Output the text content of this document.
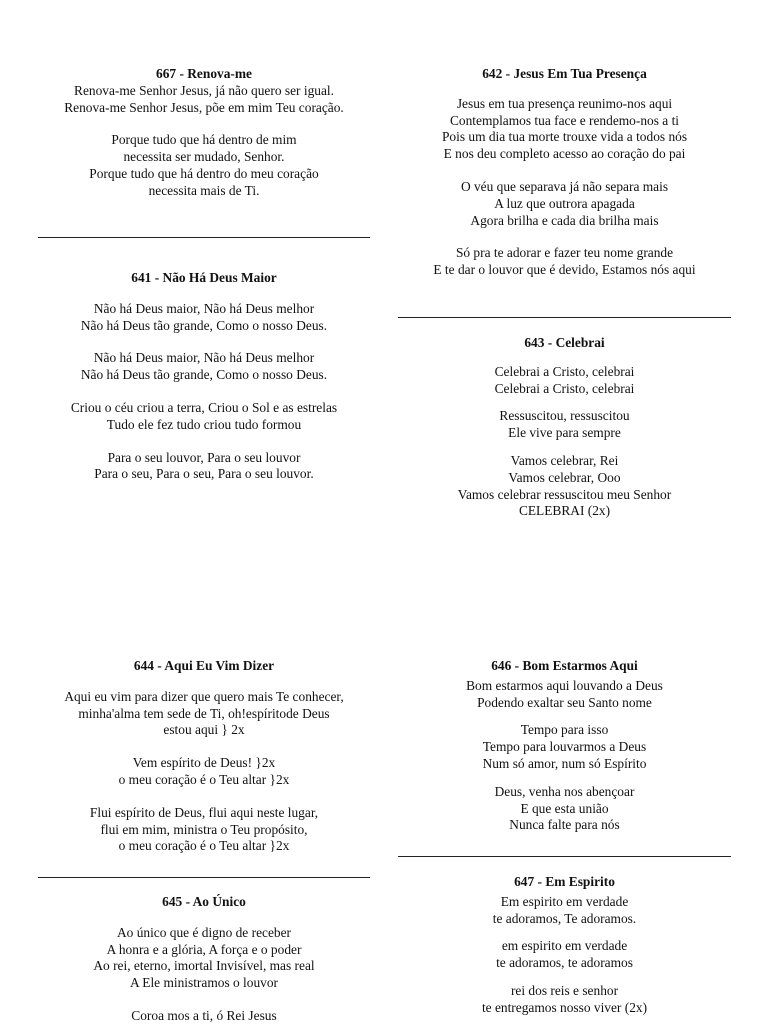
667 - Renova-me
Renova-me Senhor Jesus, já não quero ser igual.
Renova-me Senhor Jesus, põe em mim Teu coração.
Porque tudo que há dentro de mim
necessita ser mudado, Senhor.
Porque tudo que há dentro do meu coração
necessita mais de Ti.
641 - Não Há Deus Maior
Não há Deus maior, Não há Deus melhor
Não há Deus tão grande, Como o nosso Deus.
Não há Deus maior, Não há Deus melhor
Não há Deus tão grande, Como o nosso Deus.
Criou o céu criou a terra, Criou o Sol e as estrelas
Tudo ele fez tudo criou tudo formou
Para o seu louvor, Para o seu louvor
Para o seu, Para o seu, Para o seu louvor.
644 - Aqui Eu Vim Dizer
Aqui eu vim para dizer que quero mais Te conhecer,
minha'alma tem sede de Ti, oh!espíritode Deus
estou aqui } 2x
Vem espírito de Deus! }2x
o meu coração é o Teu altar }2x
Flui espírito de Deus, flui aqui neste lugar,
flui em mim, ministra o Teu propósito,
o meu coração é o Teu altar }2x
645 - Ao Único
Ao único que é digno de receber
A honra e a glória, A força e o poder
Ao rei, eterno, imortal Invisível, mas real
A Ele ministramos o louvor
Coroa mos a ti, ó Rei Jesus
642 - Jesus Em Tua Presença
Jesus em tua presença reunimo-nos aqui
Contemplamos tua face e rendemo-nos a ti
Pois um dia tua morte trouxe vida a todos nós
E nos deu completo acesso ao coração do pai
O véu que separava já não separa mais
A luz que outrora apagada
Agora brilha e cada dia brilha mais
Só pra te adorar e fazer teu nome grande
E te dar o louvor que é devido, Estamos nós aqui
643 - Celebrai
Celebrai a Cristo, celebrai
Celebrai a Cristo, celebrai
Ressuscitou, ressuscitou
Ele vive para sempre
Vamos celebrar, Rei
Vamos celebrar, Ooo
Vamos celebrar ressuscitou meu Senhor
CELEBRAI (2x)
646 - Bom Estarmos Aqui
Bom estarmos aqui louvando a Deus
Podendo exaltar seu Santo nome
Tempo para isso
Tempo para louvarmos a Deus
Num só amor, num só Espírito
Deus, venha nos abençoar
E que esta união
Nunca falte para nós
647 - Em Espirito
Em espirito em verdade
te adoramos, Te adoramos.
em espirito em verdade
te adoramos, te adoramos
rei dos reis e senhor
te entregamos nosso viver (2x)
